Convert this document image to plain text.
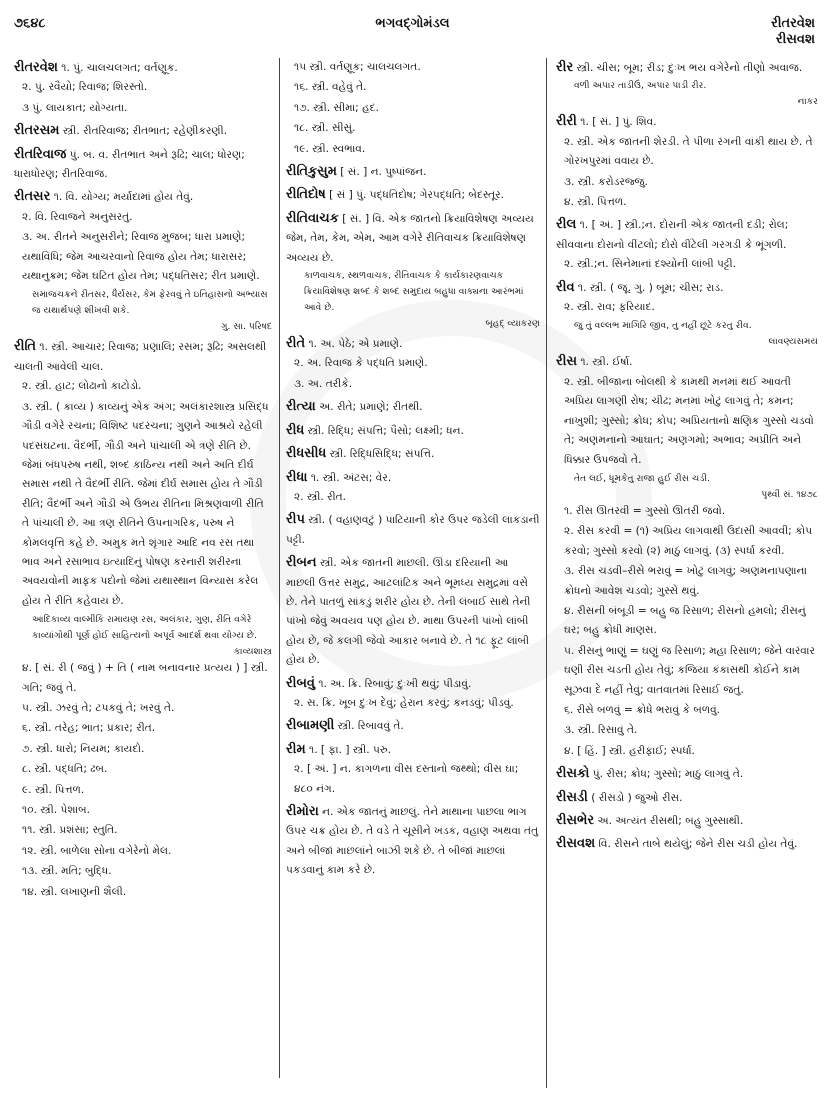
૭૬૪૮	ભગવદ્ગોમંડલ	રીતરવેશ
રીસવશ
રીતરવેશ ૧. પું. ચાલચલગત; વર્તણૂક.
૨. પું. રવૈયો; રિવાજ; શિરસ્તો.
૩ પું. લાયકાત; યોગ્યતા.
રીતરસમ સ્ત્રી. રીતરિવાજ; રીતભાત; રહેણીકરણી.
રીતરિવાજ પું. બ. વ. રીતભાત અને રૂઢિ; ચાલ; ધોરણ; ધારાધોરણ; રીતરિવાજ.
રીતસર ૧. વિ. યોગ્ય; મર્યાદામાં હોય તેવું.
૨. વિ. રિવાજને અનુસરતું.
૩. અ. રીતને અનુસરીને; રિવાજ મુજબ; ધારા પ્રમાણે; યથાવિધિ; જેમ આચરવાનો રિવાજ હોય તેમ; ધારાસર; યથાનુક્રમ; જેમ ઘટિત હોય તેમ; પદ્ધતિસર; રીત પ્રમાણે.
સમાજચક્રને રીતસર, ધૈર્યસર, કેમ ફેરવવું તે ઇતિહાસનો અભ્યાસ જ યથાર્થપણે શીખવી શકે.
ગુ. સા. પરિષદ
રીતિ ૧. સ્ત્રી. આચાર; રિવાજ; પ્રણાલિ; રસમ; રૂઢિ; અસલથી ચાલતી આવેલી ચાલ.
૨. સ્ત્રી. હાટ; લોઢાનો કાટોડો.
૩. સ્ત્રી. ( કાવ્ય ) કાવ્યનું એક અંગ; અલંકારશાસ્ત્ર પ્રસિદ્ધ ગૌડી વગેરે રચના; વિશિષ્ટ પદરચના; ગુણને આશ્રયે રહેલી પદસંઘટના. વૈદર્ભી, ગૌડી અને પાંચાલી એ ત્રણે રીતિ છે. જેમાં બંધપરુષ નથી, શબ્દ કાઠિન્ય નથી અને અતિ દીર્ઘ સમાસ નથી તે વૈદર્ભી રીતિ. જેમાં દીર્ઘ સમાસ હોય તે ગૌડી રીતિ; વૈદર્ભી અને ગૌડી એ ઉભય રીતિના મિશ્રણવાળી રીતિ તે પાંચાલી છે. આ ત્રણ રીતિને ઉપનાગરિક, પરુષ ને કોમલવૃત્તિ કહે છે. અમુક મતે શૃંગાર આદિ નવ રસ તથા ભાવ અને રસાભાવ ઇત્યાદિનું પોષણ કરનારી શરીરના અવયવોની માફક પદોનો જેમાં યથાસ્થાન વિન્યાસ કરેલ હોય તે રીતિ કહેવાય છે.
આદિકાવ્ય વાલ્મીકિ રામાયણ રસ, અલંકાર, ગુણ, રીતિ વગેરે કાવ્યાંગોથી પૂર્ણ હોઈ સાહિત્યનો અપૂર્વ આદર્શ થવા યોગ્ય છે.
કાવ્યશાસ્ત્ર
૪. [ સં. રી ( જવું ) + તિ ( નામ બનાવનાર પ્રત્યય ) ] સ્ત્રી. ગતિ; જવું તે.
૫. સ્ત્રી. ઝરવું તે; ટપકવું તે; ખરવું તે.
૬. સ્ત્રી. તરેહ; ભાત; પ્રકાર; રીત.
૭. સ્ત્રી. ધારો; નિયમ; કાયદો.
૮. સ્ત્રી. પદ્ધતિ; ઢબ.
૯. સ્ત્રી. પિત્તળ.
૧૦. સ્ત્રી. પેશાબ.
૧૧. સ્ત્રી. પ્રશંસા; સ્તુતિ.
૧૨. સ્ત્રી. બાળેલા સોના વગેરેનો મેલ.
૧૩. સ્ત્રી. મતિ; બુદ્ધિ.
૧૪. સ્ત્રી. લખાણની શૈલી.
૧૫ સ્ત્રી. વર્તણૂક; ચાલચલગત.
૧૬. સ્ત્રી. વહેવું તે.
૧૭. સ્ત્રી. સીમા; હદ.
૧૮. સ્ત્રી. સીસું.
૧૯. સ્ત્રી. સ્વભાવ.
રીતિકુસુમ [ સં. ] ન. પુષ્પાંજન.
રીતિદોષ [ સં ] પું. પદ્ધતિદોષ; ગેરપદ્ધતિ; બેદસ્તૂર.
રીતિવાચક [ સં. ] વિ. એક જાતનો ક્રિયાવિશેષણ અવ્યય જેમ, તેમ, કેમ, એમ, આમ વગેરે રીતિવાચક ક્રિયાવિશેષણ અવ્યય છે.
કાળવાચક, સ્થળવાચક, રીતિવાચક કે કાર્યકારણવાચક ક્રિયાવિશેષણ શબ્દ કે શબ્દ સમુદાય બહુધા વાક્યના આરંભમાં આવે છે.
બૃહદ્ વ્યાકરણ
રીતે ૧. અ. પેઠે; એ પ્રમાણે.
૨. અ. રિવાજ કે પદ્ધતિ પ્રમાણે.
૩. અ. તરીકે.
રીત્યા અ. રીતે; પ્રમાણે; રીતથી.
રીધ સ્ત્રી. રિદ્ધિ; સંપત્તિ; પૈસો; લક્ષ્મી; ધન.
રીધસીધ સ્ત્રી. રિદ્ધિસિદ્ધિ; સંપત્તિ.
રીધા ૧. સ્ત્રી. અંટસ; વેર.
૨. સ્ત્રી. રીત.
રીપ સ્ત્રી. ( વહાણવટું ) પાટિયાની કોર ઉપર જડેલી લાકડાની પટ્ટી.
રીબન સ્ત્રી. એક જાતની માછલી. ઊંડા દરિયાની આ માછલી ઉત્તર સમુદ્ર, આટલાંટિક અને ભૂમધ્ય સમુદ્રમાં વસે છે. તેને પાતળું સાંકડું શરીર હોય છે. તેની લંબાઈ સાથે તેની પાંખો જેવું અવયવ પણ હોય છે. માથા ઉપરની પાંખો લાંબી હોય છે, જે કલગી જેવો આકાર બનાવે છે. તે ૧૮ ફૂટ લાંબી હોય છે.
રીબવું ૧. અ. ક્રિ. રિબાવું; દુઃખી થવું; પીડાવું.
૨. સ. ક્રિ. ખૂબ દુઃખ દેવું; હેરાન કરવું; કનડવું; પીડવું.
રીબામણી સ્ત્રી. રિબાવવું તે.
રીમ ૧. [ ફા. ] સ્ત્રી. પરુ.
૨. [ અં. ] ન. કાગળના વીસ દસ્તાનો જથ્થો; વીસ ઘા; ૪૮૦ નંગ.
રીમોરા ન. એક જાતનું માછલું. તેને માથાના પાછલા ભાગ ઉપર ચક્ર હોય છે. તે વડે તે ચૂસીને ખડક, વહાણ અથવા તંતુ અને બીજાં માછલાંને બાઝી શકે છે. તે બીજાં માછલાં પકડવાનું કામ કરે છે.
રીર સ્ત્રી. ચીસ; બૂમ; રીડ; દુઃખ ભય વગેરેનો તીણો અવાજ.
વળી અપાર તાડીઉં, અપાર પાડી રીર.
નાકર
રીરી ૧. [ સં. ] પું. શિવ.
૨. સ્ત્રી. એક જાતની શેરડી. તે પીળા રંગની વાંકી થાય છે. તે ગોરખપુરમાં વવાય છે.
૩. સ્ત્રી. કરોડરજ્જુ.
૪. સ્ત્રી. પિત્તળ.
રીલ ૧. [ અં. ] સ્ત્રી.;ન. દોરાની એક જાતની દડી; રોલ; સીવવાના દોરાનો વીંટલો; દોરો વીંટેલી ગરગડી કે ભૂંગળી.
૨. સ્ત્રી.;ન. સિનેમાનાં દશ્યોની લાંબી પટ્ટી.
રીવ ૧. સ્ત્રી. ( જૂ. ગુ. ) બૂમ; ચીસ; રાડ.
૨. સ્ત્રી. રાવ; ફરિયાદ.
જુ તું વલ્લભ માગિરિ જીવ, તુ નહીં છૂટે કરતુ રીવ.
લાવણ્યસમય
રીસ ૧. સ્ત્રી. ઈર્ષા.
૨. સ્ત્રી. બીજાના બોલથી કે કામથી મનમાં થઈ આવતી અપ્રિય લાગણી રોષ; ચીઢ; મનમાં ખોટું લાગવું તે; કમન; નાખુશી; ગુસ્સો; ક્રોધ; કોપ; અપ્રિયતાનો ક્ષણિક ગુસ્સો ચડવો તે; અણમનાનો આઘાત; અણગમો; અભાવ; અપ્રીતિ અને ધિક્કાર ઉપજવો તે.
તેત લઈ, ધૂમકેતુ રાજા હુઈ રીસ ચડી.
પૃથ્વી સં. ૧૪૭૮
૧. રીસ ઊતરવી = ગુસ્સો ઊતરી જવો.
૨. રીસ કરવી = (૧) અપ્રિય લાગવાથી ઉદાસી આવવી; કોપ કરવો; ગુસ્સો કરવો (૨) માઠું લાગવું. (૩) સ્પર્ધા કરવી.
૩. રીસ ચડવી–રીસે ભરાવું = ખોટું લાગવું; અણમનાપણાના ક્રોધનો આવેશ ચડવો; ગુસ્સે થવું.
૪. રીસની બંબૂડી = બહુ જ રિસાળ; રીસનો હમલો; રીસનું ઘર; બહુ ક્રોધી માણસ.
૫. રીસનું ભાણું = ઘણું જ રિસાળ; મહા રિસાળ; જેને વારંવાર ઘણી રીસ ચડતી હોય તેવું; કજિયા કંકાસથી કોઈને કામ સૂઝવા દે નહીં તેવું; વાતવાતમાં રિસાઈ જતું.
૬. રીસે બળવું = ક્રોધે ભરાવું કે બળવું.
૩. સ્ત્રી. રિસાવું તે.
૪. [ હિં. ] સ્ત્રી. હરીફાઈ; સ્પર્ધા.
રીસકો પું. રીસ; ક્રોધ; ગુસ્સો; માઠું લાગવું તે.
રીસડી ( રીસડો ) જુઓ રીસ.
રીસભેર અ. અત્યંત રીસથી; બહુ ગુસ્સાથી.
રીસવશ વિ. રીસને તાબે થયેલું; જેને રીસ ચડી હોય તેવું.
